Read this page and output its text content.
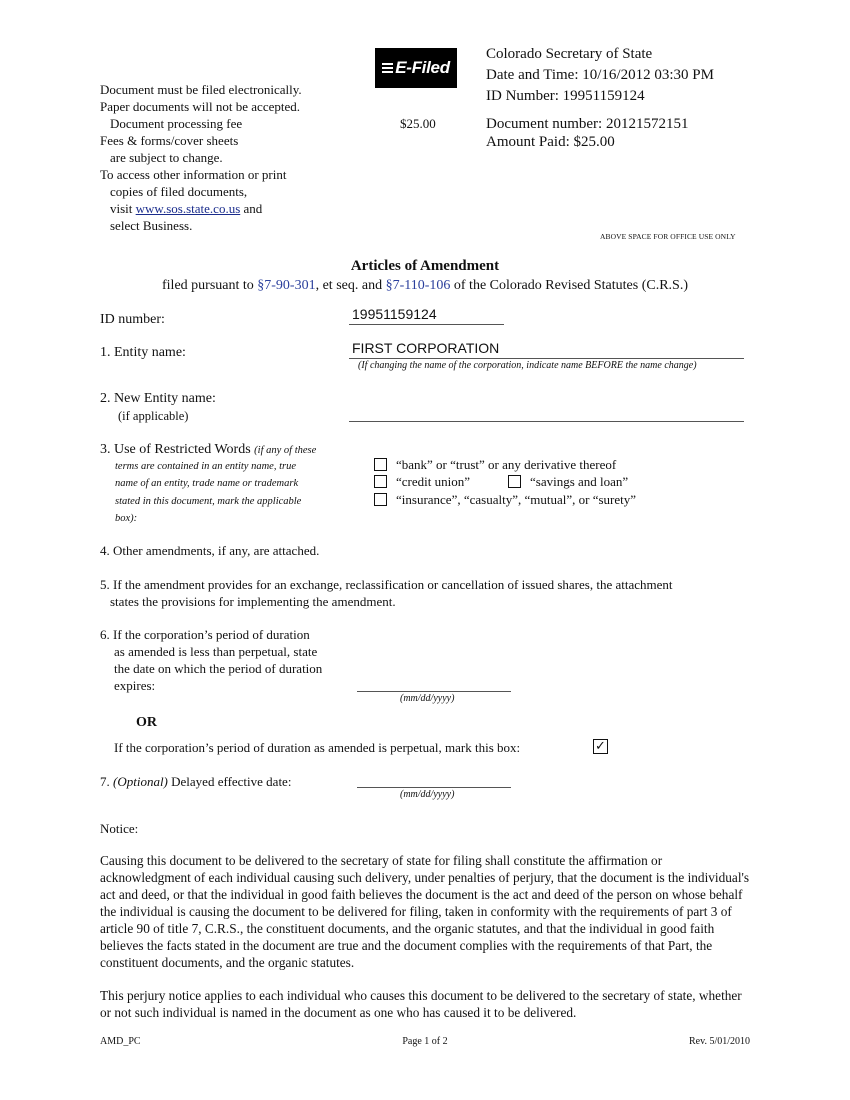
Document must be filed electronically.
Paper documents will not be accepted.
Document processing fee
Fees & forms/cover sheets
are subject to change.
To access other information or print
copies of filed documents,
visit www.sos.state.co.us and
select Business.
$25.00
E-Filed
Colorado Secretary of State
Date and Time: 10/16/2012 03:30 PM
ID Number: 19951159124
Document number: 20121572151
Amount Paid: $25.00
ABOVE SPACE FOR OFFICE USE ONLY
Articles of Amendment
filed pursuant to §7-90-301, et seq. and §7-110-106 of the Colorado Revised Statutes (C.R.S.)
ID number:	19951159124
1. Entity name:	FIRST CORPORATION
(If changing the name of the corporation, indicate name BEFORE the name change)
2. New Entity name:
(if applicable)
3. Use of Restricted Words (if any of these
terms are contained in an entity name, true
name of an entity, trade name or trademark
stated in this document, mark the applicable
box):
“bank” or “trust” or any derivative thereof
“credit union”	“savings and loan”
“insurance”, “casualty”, “mutual”, or “surety”
4. Other amendments, if any, are attached.
5. If the amendment provides for an exchange, reclassification or cancellation of issued shares, the attachment
states the provisions for implementing the amendment.
6. If the corporation’s period of duration
as amended is less than perpetual, state
the date on which the period of duration
expires:
(mm/dd/yyyy)
OR
If the corporation’s period of duration as amended is perpetual, mark this box:	✓
7. (Optional) Delayed effective date:
(mm/dd/yyyy)
Notice:
Causing this document to be delivered to the secretary of state for filing shall constitute the affirmation or acknowledgment of each individual causing such delivery, under penalties of perjury, that the document is the individual's act and deed, or that the individual in good faith believes the document is the act and deed of the person on whose behalf the individual is causing the document to be delivered for filing, taken in conformity with the requirements of part 3 of article 90 of title 7, C.R.S., the constituent documents, and the organic statutes, and that the individual in good faith believes the facts stated in the document are true and the document complies with the requirements of that Part, the constituent documents, and the organic statutes.
This perjury notice applies to each individual who causes this document to be delivered to the secretary of state, whether or not such individual is named in the document as one who has caused it to be delivered.
AMD_PC	Page 1 of 2	Rev. 5/01/2010
